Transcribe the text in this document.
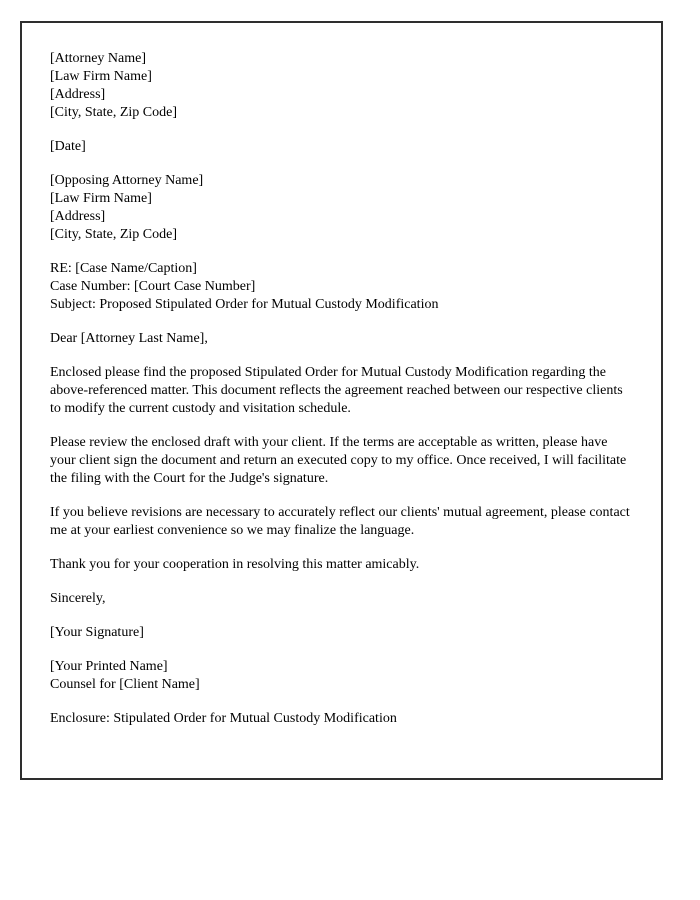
[Attorney Name]
[Law Firm Name]
[Address]
[City, State, Zip Code]
[Date]
[Opposing Attorney Name]
[Law Firm Name]
[Address]
[City, State, Zip Code]
RE: [Case Name/Caption]
Case Number: [Court Case Number]
Subject: Proposed Stipulated Order for Mutual Custody Modification

Dear [Attorney Last Name],

Enclosed please find the proposed Stipulated Order for Mutual Custody Modification regarding the above-referenced matter. This document reflects the agreement reached between our respective clients to modify the current custody and visitation schedule.

Please review the enclosed draft with your client. If the terms are acceptable as written, please have your client sign the document and return an executed copy to my office. Once received, I will facilitate the filing with the Court for the Judge's signature.

If you believe revisions are necessary to accurately reflect our clients' mutual agreement, please contact me at your earliest convenience so we may finalize the language.

Thank you for your cooperation in resolving this matter amicably.

Sincerely,

[Your Signature]

[Your Printed Name]
Counsel for [Client Name]

Enclosure: Stipulated Order for Mutual Custody Modification
